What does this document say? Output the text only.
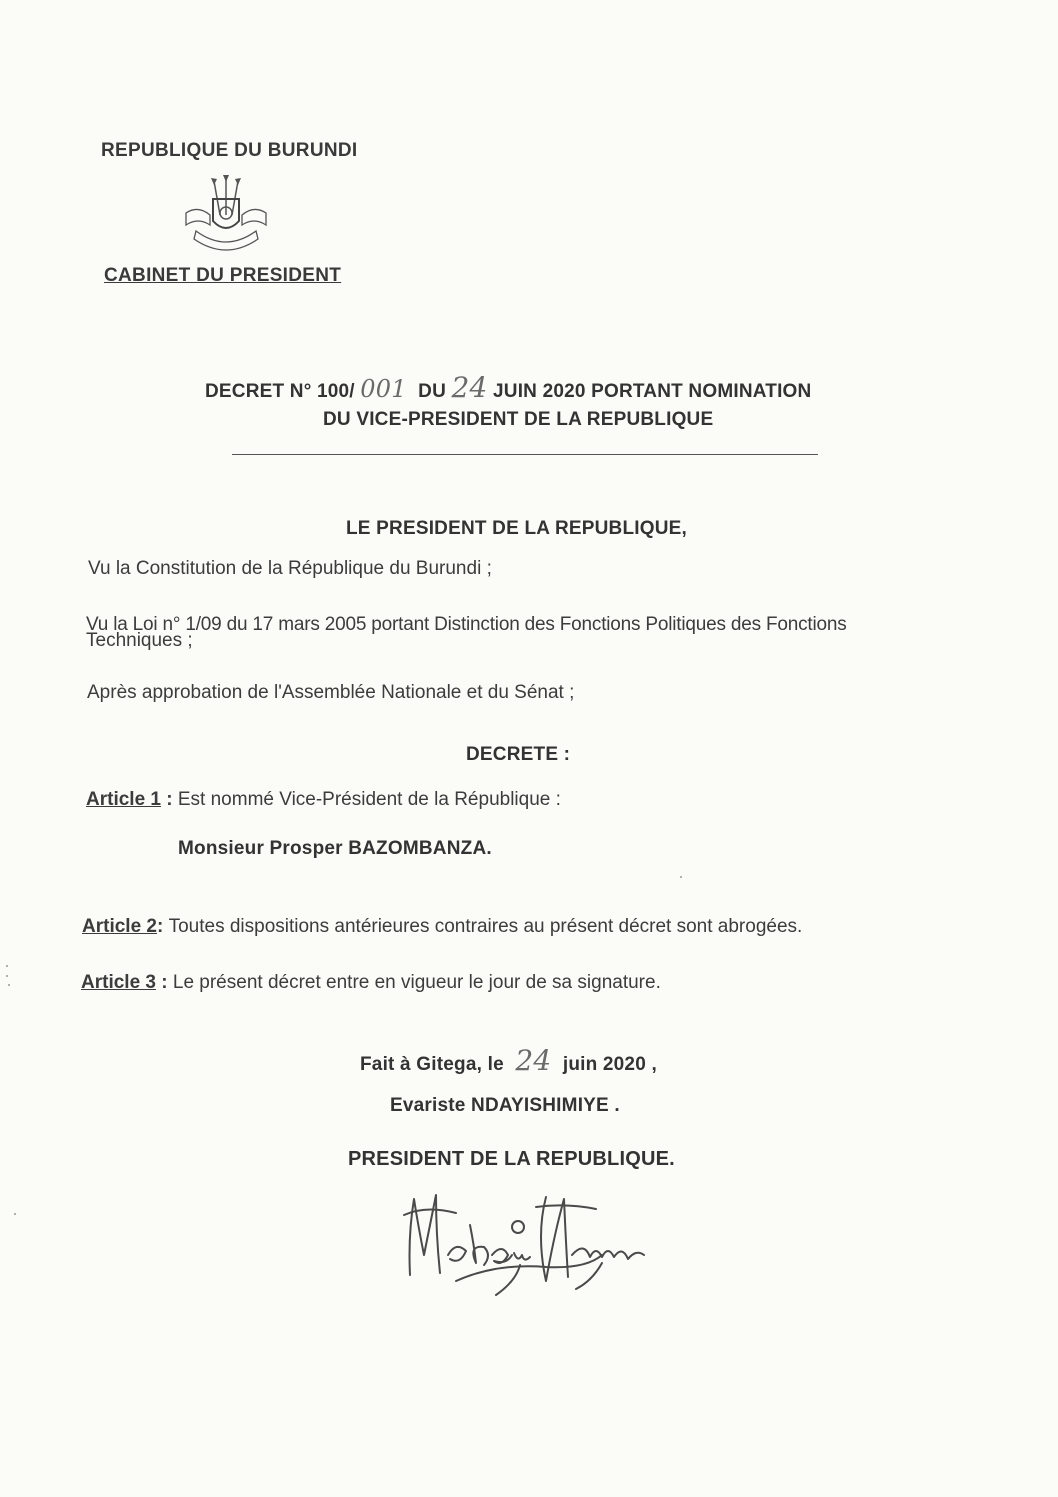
REPUBLIQUE DU BURUNDI
CABINET DU PRESIDENT
DECRET N° 100/ 001 DU 24 JUIN 2020 PORTANT NOMINATION
DU VICE-PRESIDENT DE LA REPUBLIQUE
LE PRESIDENT DE LA REPUBLIQUE,
Vu la Constitution de la République du Burundi ;
Vu la Loi n° 1/09 du 17 mars 2005 portant Distinction des Fonctions Politiques des Fonctions
Techniques ;
Après approbation de l'Assemblée Nationale et du Sénat ;
DECRETE :
Article 1 : Est nommé Vice-Président de la République :
Monsieur Prosper BAZOMBANZA.
Article 2: Toutes dispositions antérieures contraires au présent décret sont abrogées.
Article 3 : Le présent décret entre en vigueur le jour de sa signature.
Fait à Gitega, le 24 juin 2020 ,
Evariste NDAYISHIMIYE .
PRESIDENT DE LA REPUBLIQUE.
